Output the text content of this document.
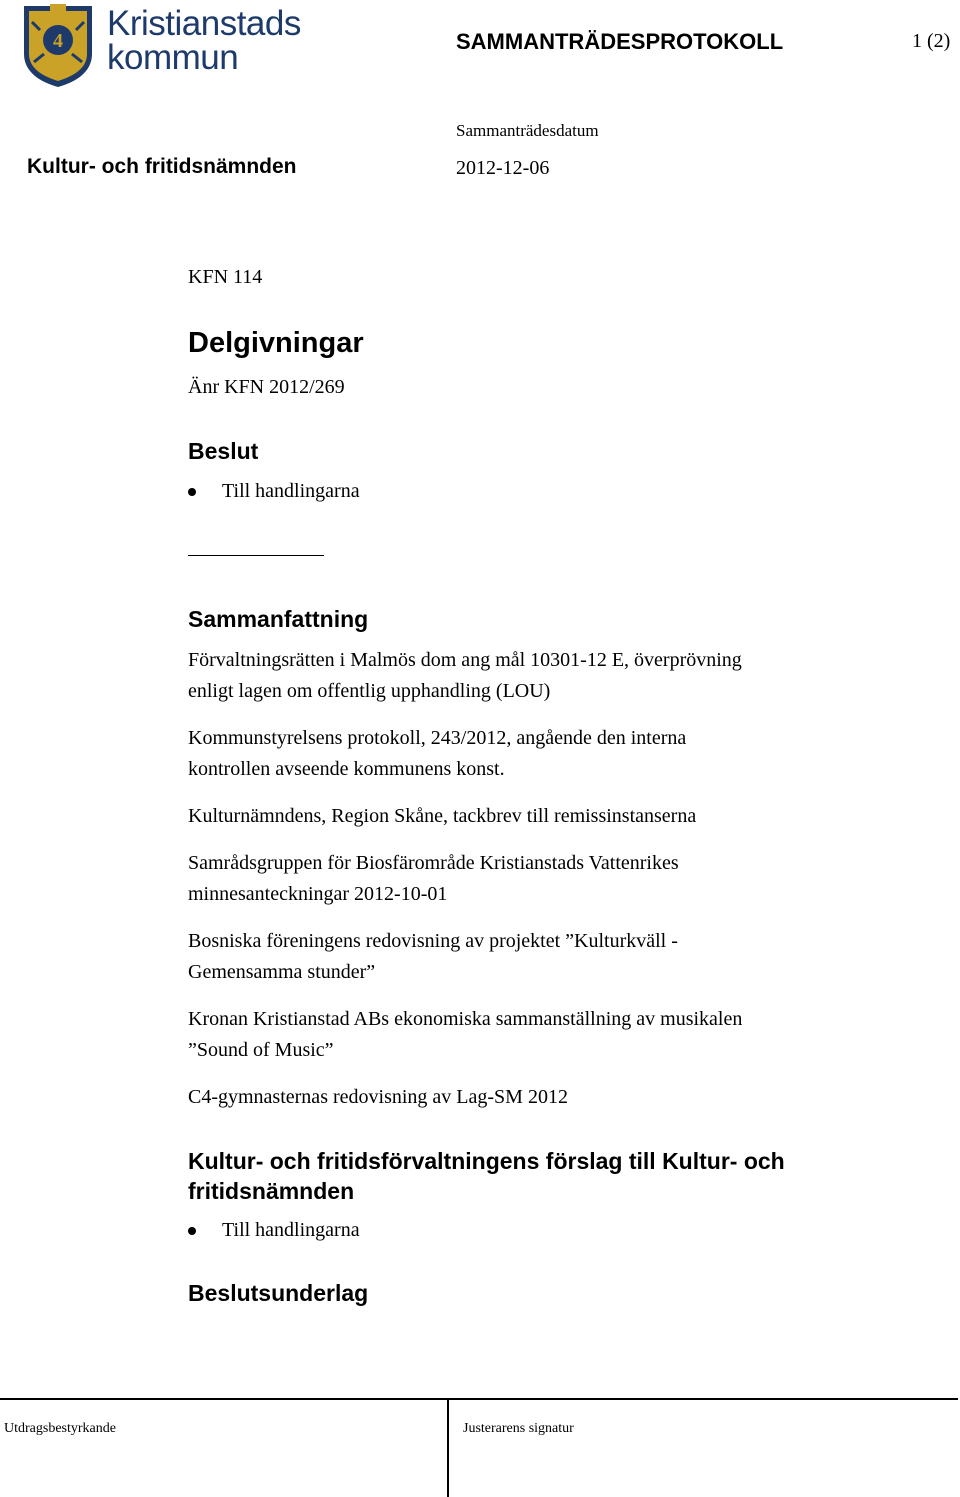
4 Kristianstads
kommun	SAMMANTRÄDESPROTOKOLL	1 (2)
Sammanträdesdatum
Kultur- och fritidsnämnden	2012-12-06
KFN 114
Delgivningar
Änr KFN 2012/269
Beslut
Till handlingarna
Sammanfattning
Förvaltningsrätten i Malmös dom ang mål 10301-12 E, överprövning
enligt lagen om offentlig upphandling (LOU)
Kommunstyrelsens protokoll, 243/2012, angående den interna
kontrollen avseende kommunens konst.
Kulturnämndens, Region Skåne, tackbrev till remissinstanserna
Samrådsgruppen för Biosfärområde Kristianstads Vattenrikes
minnesanteckningar 2012-10-01
Bosniska föreningens redovisning av projektet ”Kulturkväll -
Gemensamma stunder”
Kronan Kristianstad ABs ekonomiska sammanställning av musikalen
”Sound of Music”
C4-gymnasternas redovisning av Lag-SM 2012
Kultur- och fritidsförvaltningens förslag till Kultur- och
fritidsnämnden
Till handlingarna
Beslutsunderlag
Utdragsbestyrkande	Justerarens signatur
